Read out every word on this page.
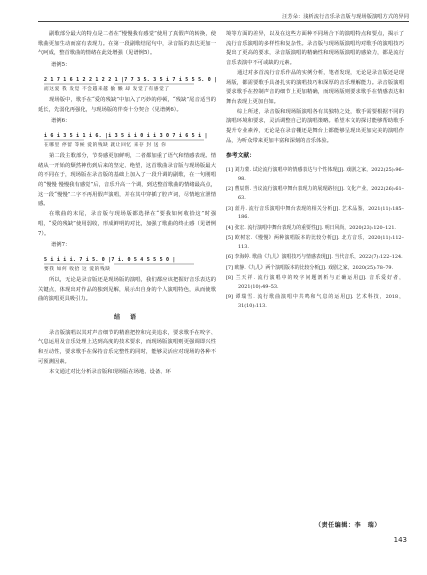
汪芳朵：浅析流行音乐录音版与现场版演唱方式的异同

副歌部分最大的特点是二者在“慢慢我有感觉”使用了真假声的转换，使歌曲更加生动而富有表现力。在第一段副歌结尾句中，录音版的表达更加一气呵成，整首歌曲的情绪在此处增强（见谱例5）。

谱例5：

2 1 7 1 6 1 2 2 1 2 2 1 |7 7 3 5. 3 5 i 7 i 5 5 5. 0 |
而这爱 我 发觉 不会越来越 偷 懒 却 发觉了有感觉了

现场版中，歌手在“爱的残缺”中加入了巧妙的停顿，“残缺”尾音适当的延长，先弱化再强化，与现场版的伴奏十分契合（见谱例6）。

谱例6：

i 6 i 3 5 i 1 i 6. |i 3 5 i i 0 i i 3 0 7 i 6 5 i |
在哪里 停留 等候 爱的残缺 就让回忆 来存 封 送 你

第二段主歌部分，节奏感更加鲜明，二者都加重了语气和情感表现。情绪从一开始的颓然神伤到后来的坚定、绝望，这首歌曲录音版与现场版最大的不同在于，现场版在录音版的基础上加入了一段升调的副歌，在一句刚唱的“慢慢 慢慢我有感觉”后，音乐升高一个调，到达整首歌曲的情绪最高点，这一段“慢慢”二字不再用假声演唱，并在其中穿插了腔声词，尽情地宣泄情感。

在歌曲的末尾，录音版与现场版都选择在“要我如何收拾这”时强唱，“爱的残缺”使用弱收，形成鲜明的对比，加强了歌曲的终止感（见谱例7）。

谱例7：

5 i i i i. 7 i 5. 0 |7 i. 0 5 4 5 5 5 0 |
要我 如何 收拾 这 爱的残缺

所以，无论是录音版还是现场版的演唱，我们都应该把握好音乐表达的关键点，体现出对作品的独到见解，展示出自身的个人演唱特色，从而使歌曲的演唱更具吸引力。

结 语

录音版演唱以其对声音细节的精准把控和完美追求，要求歌手在咬字、气息运用及音乐处理上达到高度的技术要求，而现场版演唱则更强调即兴性和互动性，要求歌手在保持音乐完整性的同时，能够灵活应对现场的各种不可预测因素。

本文通过对比分析录音版和现场版在场地、设备、环

境等方面的差异，以及在这些方面种不同场合下的演唱特点和要点，揭示了流行音乐演唱的多样性和复杂性。录音版与现场版演唱均对歌手的演唱技巧提出了更高的要求，录音版演唱的精确性和现场版演唱的感染力，都是流行音乐表演中不可或缺的元素。

通过对多首流行音乐作品的实例分析，笔者发现，无论是录音版还是现场版，都需要歌手具备扎实的演唱技巧和深厚的音乐理解能力。录音版演唱要求歌手在控制声音的细节上更加精确，而现场版则要求歌手在情感表达和舞台表现上更加自如。

综上所述，录音版和现场版演唱各有其独特之处，歌手需要根据不同的演唱环境和要求，灵活调整自己的演唱策略。希望本文的探讨能够帮助歌手提升专业素养，无论是在录音棚还是舞台上都能够呈现出更加完美的演唱作品，为听众带来更加丰富和深刻的音乐体验。

参考文献：

[1] 刘力蒙. 试论流行演唱中的情感表达与个性体现[J]. 戏剧之家，2022(25):96–98.

[2] 曹辰帮. 当议流行演唱中舞台表现力的展现路径[J]. 文化产业，2022(26):61–63.

[3] 蓝丹. 流行音乐演唱中舞台表现的相关分析[J]. 艺术品鉴，2021(11):185–186.

[4] 张宏. 流行演唱中舞台表现力的重要性[J]. 明日风尚，2020(23):120–121.

[5] 欧树宏.《慢慢》两种演唱版本的比较分析[J]. 北方音乐，2020(11):112–113.

[6] 李海婷. 歌曲《九儿》演唱技巧与情感表现[J]. 当代音乐，2022(7):122–124.

[7] 欧静.《九儿》两个演唱版本的比较分析[J]. 戏剧之家，2020(25):78–79.

[8] 兰天祥. 流行演唱中的咬字问题剖析与正确运用[J]. 音乐爱好者，2021(10):49–53.

[9] 谭瑞雪. 流行歌曲演唱中共鸣和气息的运用[J]. 艺术科技，2018，31(10):113.

（责任编辑：李　瑞）
143
